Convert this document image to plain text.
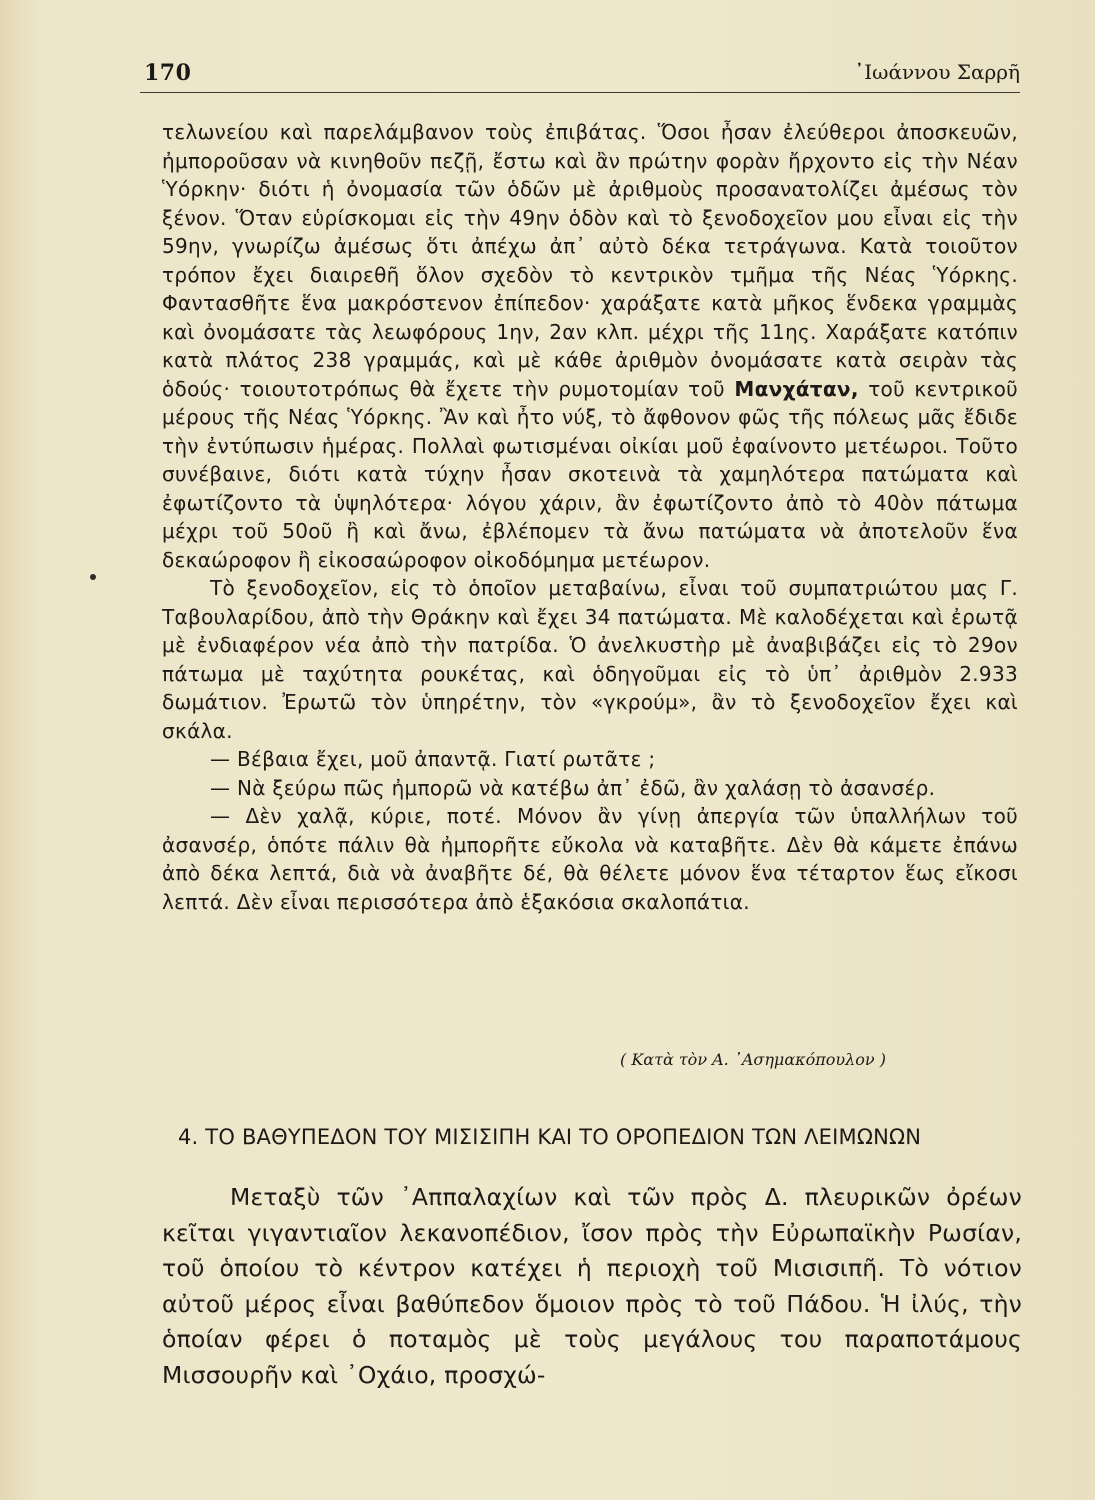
170	᾿Ιωάννου Σαρρῆ

τελωνείου καὶ παρελάμβανον τοὺς ἐπιβάτας. Ὅσοι ἦσαν ἐλεύθεροι ἀποσκευῶν, ἠμποροῦσαν νὰ κινηθοῦν πεζῇ, ἔστω καὶ ἂν πρώτην φορὰν ἤρχοντο εἰς τὴν Νέαν Ὑόρκην· διότι ἡ ὀνομασία τῶν ὁδῶν μὲ ἀριθμοὺς προσανατολίζει ἀμέσως τὸν ξένον. Ὅταν εὑρίσκομαι εἰς τὴν 49ην ὁδὸν καὶ τὸ ξενοδοχεῖον μου εἶναι εἰς τὴν 59ην, γνωρίζω ἀμέσως ὅτι ἀπέχω ἀπ᾿ αὐτὸ δέκα τετράγωνα. Κατὰ τοιοῦτον τρόπον ἔχει διαιρεθῆ ὅλον σχεδὸν τὸ κεντρικὸν τμῆμα τῆς Νέας Ὑόρκης. Φαντασθῆτε ἕνα μακρόστενον ἐπίπεδον· χαράξατε κατὰ μῆκος ἕνδεκα γραμμὰς καὶ ὀνομάσατε τὰς λεωφόρους 1ην, 2αν κλπ. μέχρι τῆς 11ης. Χαράξατε κατόπιν κατὰ πλάτος 238 γραμμάς, καὶ μὲ κάθε ἀριθμὸν ὀνομάσατε κατὰ σειρὰν τὰς ὁδούς· τοιουτοτρόπως θὰ ἔχετε τὴν ρυμοτομίαν τοῦ Μανχάταν, τοῦ κεντρικοῦ μέρους τῆς Νέας Ὑόρκης. Ἂν καὶ ἦτο νύξ, τὸ ἄφθονον φῶς τῆς πόλεως μᾶς ἔδιδε τὴν ἐντύπωσιν ἡμέρας. Πολλαὶ φωτισμέναι οἰκίαι μοῦ ἐφαίνοντο μετέωροι. Τοῦτο συνέβαινε, διότι κατὰ τύχην ἦσαν σκοτεινὰ τὰ χαμηλότερα πατώματα καὶ ἐφωτίζοντο τὰ ὑψηλότερα· λόγου χάριν, ἂν ἐφωτίζοντο ἀπὸ τὸ 40ὸν πάτωμα μέχρι τοῦ 50οῦ ἢ καὶ ἄνω, ἐβλέπομεν τὰ ἄνω πατώματα νὰ ἀποτελοῦν ἕνα δεκαώροφον ἢ εἰκοσαώροφον οἰκοδόμημα μετέωρον.

Τὸ ξενοδοχεῖον, εἰς τὸ ὁποῖον μεταβαίνω, εἶναι τοῦ συμπατριώτου μας Γ. Ταβουλαρίδου, ἀπὸ τὴν Θράκην καὶ ἔχει 34 πατώματα. Μὲ καλοδέχεται καὶ ἐρωτᾷ μὲ ἐνδιαφέρον νέα ἀπὸ τὴν πατρίδα. Ὁ ἀνελκυστὴρ μὲ ἀναβιβάζει εἰς τὸ 29ον πάτωμα μὲ ταχύτητα ρουκέτας, καὶ ὁδηγοῦμαι εἰς τὸ ὑπ᾿ ἀριθμὸν 2.933 δωμάτιον. Ἐρωτῶ τὸν ὑπηρέτην, τὸν «γκρούμ», ἂν τὸ ξενοδοχεῖον ἔχει καὶ σκάλα.

— Βέβαια ἔχει, μοῦ ἀπαντᾷ. Γιατί ρωτᾶτε ;

— Νὰ ξεύρω πῶς ἠμπορῶ νὰ κατέβω ἀπ᾿ ἐδῶ, ἂν χαλάσῃ τὸ ἀσανσέρ.

— Δὲν χαλᾷ, κύριε, ποτέ. Μόνον ἂν γίνῃ ἀπεργία τῶν ὑπαλλήλων τοῦ ἀσανσέρ, ὁπότε πάλιν θὰ ἠμπορῆτε εὔκολα νὰ καταβῆτε. Δὲν θὰ κάμετε ἐπάνω ἀπὸ δέκα λεπτά, διὰ νὰ ἀναβῆτε δέ, θὰ θέλετε μόνον ἕνα τέταρτον ἕως εἴκοσι λεπτά. Δὲν εἶναι περισσότερα ἀπὸ ἑξακόσια σκαλοπάτια.

( Κατὰ τὸν Α. ᾿Ασημακόπουλον )
4. ΤΟ ΒΑΘΥΠΕΔΟΝ ΤΟΥ ΜΙΣΙΣΙΠΗ ΚΑΙ ΤΟ ΟΡΟΠΕΔΙΟΝ ΤΩΝ ΛΕΙΜΩΝΩΝ

Μεταξὺ τῶν ᾿Αππαλαχίων καὶ τῶν πρὸς Δ. πλευρικῶν ὀρέων κεῖται γιγαντιαῖον λεκανοπέδιον, ἴσον πρὸς τὴν Εὐρωπαϊκὴν Ρωσίαν, τοῦ ὁποίου τὸ κέντρον κατέχει ἡ περιοχὴ τοῦ Μισισιπῆ. Τὸ νότιον αὐτοῦ μέρος εἶναι βαθύπεδον ὅμοιον πρὸς τὸ τοῦ Πάδου. Ἡ ἰλύς, τὴν ὁποίαν φέρει ὁ ποταμὸς μὲ τοὺς μεγάλους του παραποτάμους Μισσουρῆν καὶ ᾿Οχάιο, προσχώ-
